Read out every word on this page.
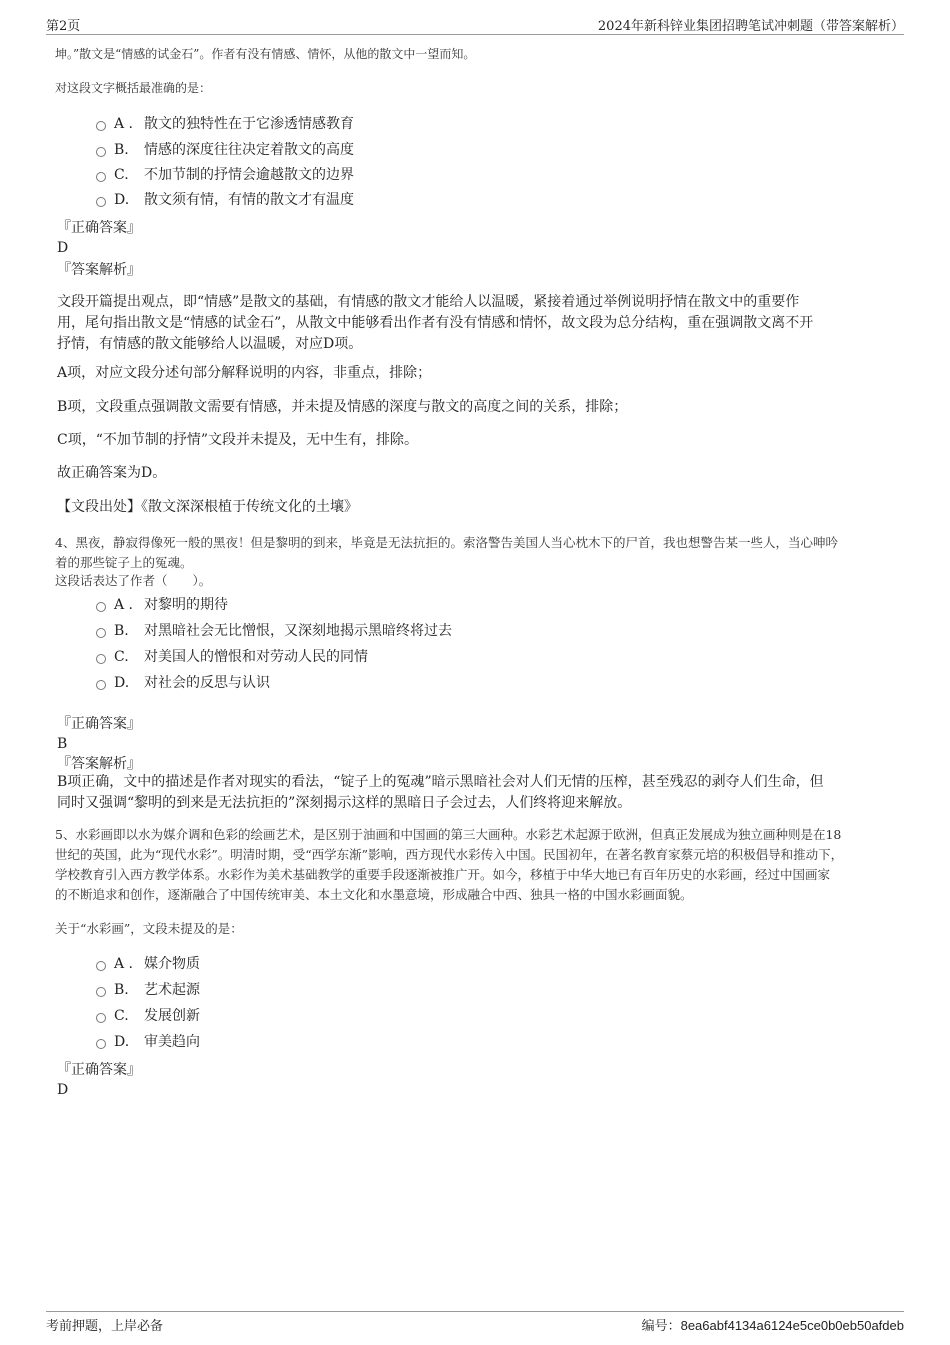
第2页	2024年新科锌业集团招聘笔试冲刺题（带答案解析）
坤。”散文是“情感的试金石”。作者有没有情感、情怀，从他的散文中一望而知。
对这段文字概括最准确的是：
A . 散文的独特性在于它渗透情感教育
B. 情感的深度往往决定着散文的高度
C. 不加节制的抒情会逾越散文的边界
D. 散文须有情，有情的散文才有温度
『正确答案』
D
『答案解析』
文段开篇提出观点，即“情感”是散文的基础，有情感的散文才能给人以温暖，紧接着通过举例说明抒情在散文中的重要作
用，尾句指出散文是“情感的试金石”，从散文中能够看出作者有没有情感和情怀，故文段为总分结构，重在强调散文离不开
抒情，有情感的散文能够给人以温暖，对应D项。
A项，对应文段分述句部分解释说明的内容，非重点，排除；
B项，文段重点强调散文需要有情感，并未提及情感的深度与散文的高度之间的关系，排除；
C项，“不加节制的抒情”文段并未提及，无中生有，排除。
故正确答案为D。
【文段出处】《散文深深根植于传统文化的土壤》
4、黑夜，静寂得像死一般的黑夜！但是黎明的到来，毕竟是无法抗拒的。索洛警告美国人当心枕木下的尸首，我也想警告某一些人，当心呻吟
着的那些锭子上的冤魂。
这段话表达了作者（　　）。
A . 对黎明的期待
B. 对黑暗社会无比憎恨，又深刻地揭示黑暗终将过去
C. 对美国人的憎恨和对劳动人民的同情
D. 对社会的反思与认识
『正确答案』
B
『答案解析』
B项正确，文中的描述是作者对现实的看法，“锭子上的冤魂”暗示黑暗社会对人们无情的压榨，甚至残忍的剥夺人们生命，但
同时又强调“黎明的到来是无法抗拒的”深刻揭示这样的黑暗日子会过去，人们终将迎来解放。
5、水彩画即以水为媒介调和色彩的绘画艺术，是区别于油画和中国画的第三大画种。水彩艺术起源于欧洲，但真正发展成为独立画种则是在18
世纪的英国，此为“现代水彩”。明清时期，受“西学东渐”影响，西方现代水彩传入中国。民国初年，在著名教育家蔡元培的积极倡导和推动下，
学校教育引入西方教学体系。水彩作为美术基础教学的重要手段逐渐被推广开。如今，移植于中华大地已有百年历史的水彩画，经过中国画家
的不断追求和创作，逐渐融合了中国传统审美、本土文化和水墨意境，形成融合中西、独具一格的中国水彩画面貌。
关于“水彩画”，文段未提及的是：
A . 媒介物质
B. 艺术起源
C. 发展创新
D. 审美趋向
『正确答案』
D
考前押题，上岸必备	编号：8ea6abf4134a6124e5ce0b0eb50afdeb
